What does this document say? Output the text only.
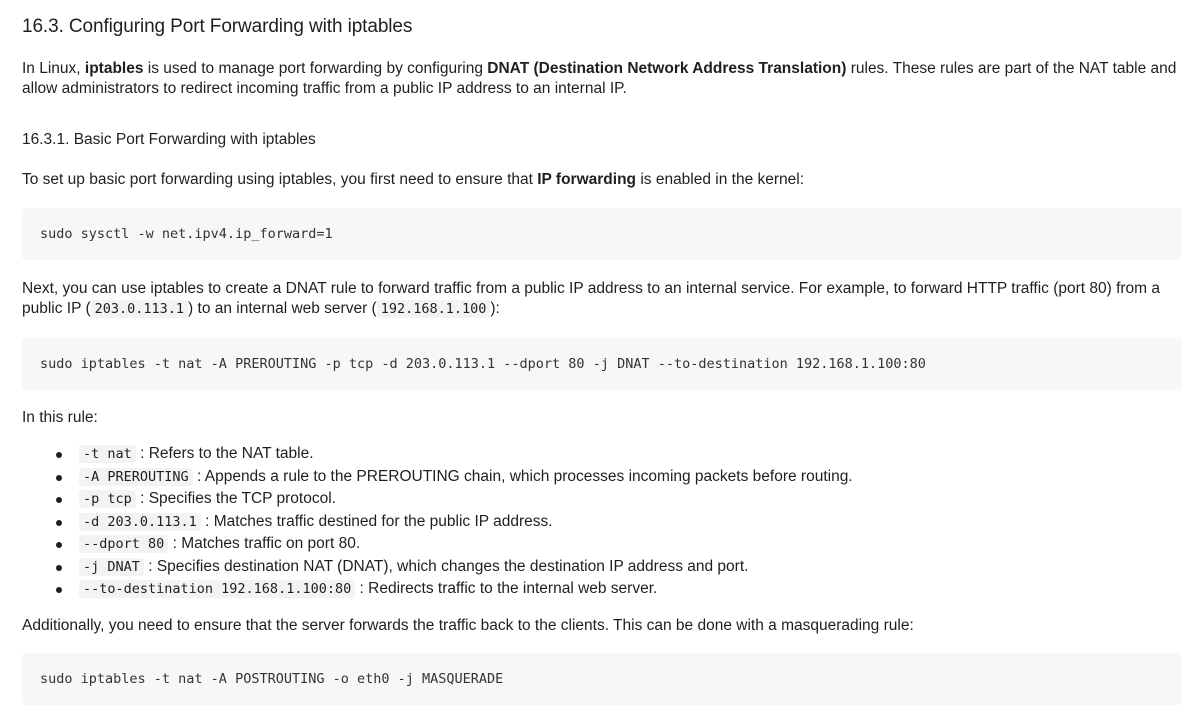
16.3. Configuring Port Forwarding with iptables

In Linux, iptables is used to manage port forwarding by configuring DNAT (Destination Network Address Translation) rules. These rules are part of the NAT table and allow administrators to redirect incoming traffic from a public IP address to an internal IP.

16.3.1. Basic Port Forwarding with iptables

To set up basic port forwarding using iptables, you first need to ensure that IP forwarding is enabled in the kernel:

sudo sysctl -w net.ipv4.ip_forward=1

Next, you can use iptables to create a DNAT rule to forward traffic from a public IP address to an internal service. For example, to forward HTTP traffic (port 80) from a public IP ( 203.0.113.1 ) to an internal web server ( 192.168.1.100 ):

sudo iptables -t nat -A PREROUTING -p tcp -d 203.0.113.1 --dport 80 -j DNAT --to-destination 192.168.1.100:80

In this rule:

-t nat : Refers to the NAT table.
-A PREROUTING : Appends a rule to the PREROUTING chain, which processes incoming packets before routing.
-p tcp : Specifies the TCP protocol.
-d 203.0.113.1 : Matches traffic destined for the public IP address.
--dport 80 : Matches traffic on port 80.
-j DNAT : Specifies destination NAT (DNAT), which changes the destination IP address and port.
--to-destination 192.168.1.100:80 : Redirects traffic to the internal web server.

Additionally, you need to ensure that the server forwards the traffic back to the clients. This can be done with a masquerading rule:

sudo iptables -t nat -A POSTROUTING -o eth0 -j MASQUERADE
